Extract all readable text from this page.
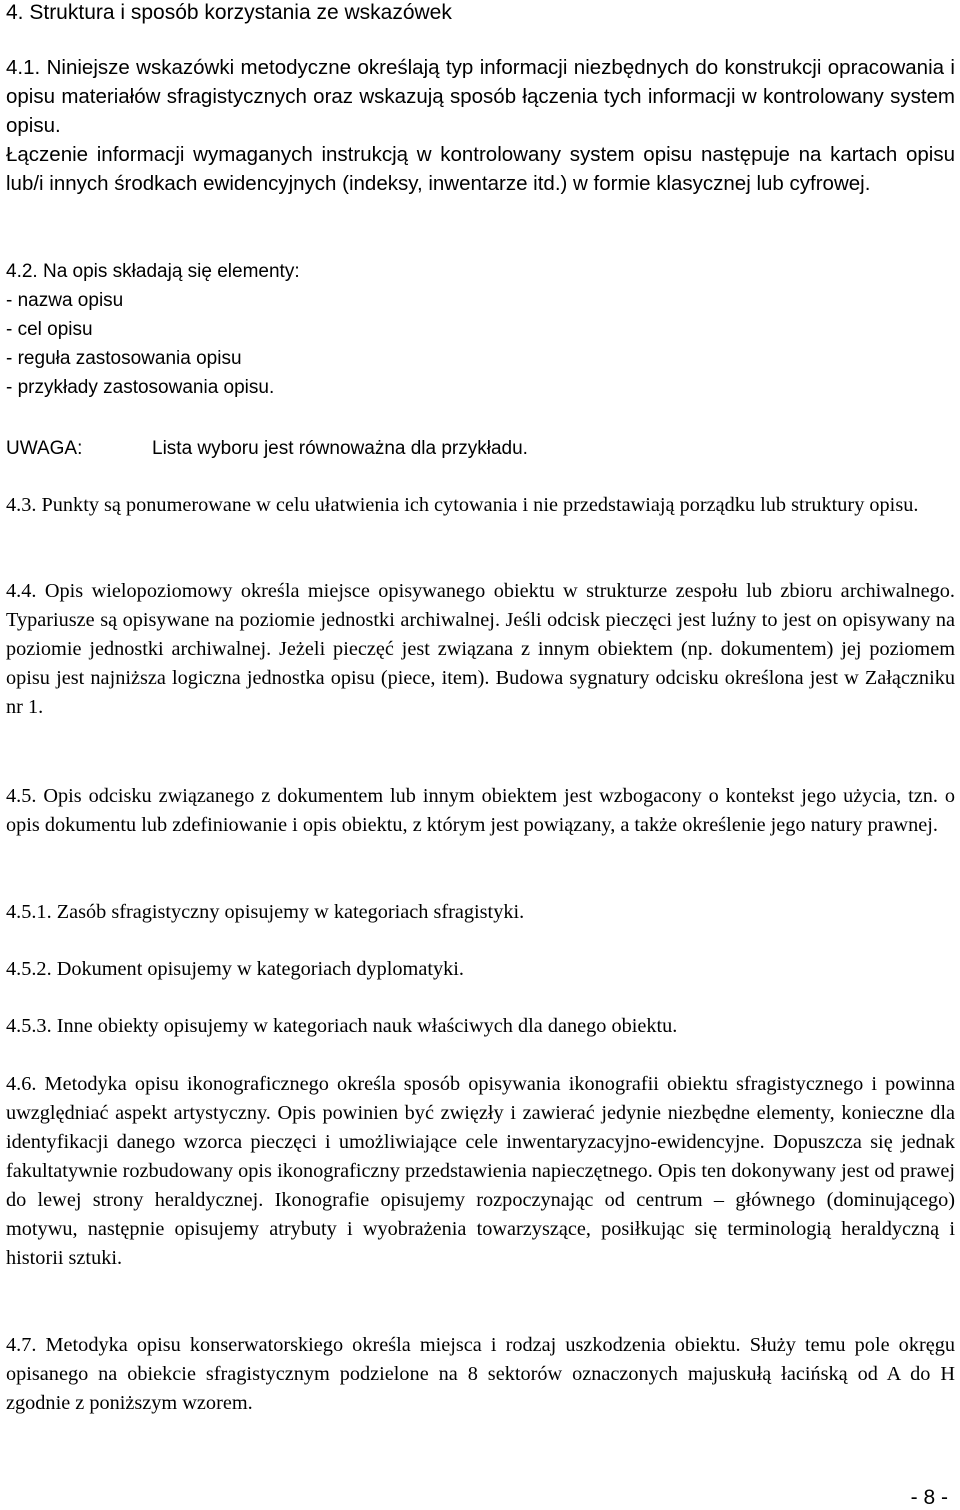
4. Struktura i sposób korzystania ze wskazówek

4.1. Niniejsze wskazówki metodyczne określają typ informacji niezbędnych do konstrukcji opracowania i opisu materiałów sfragistycznych oraz wskazują sposób łączenia tych informacji w kontrolowany system opisu.

Łączenie informacji wymaganych instrukcją w kontrolowany system opisu następuje na kartach opisu lub/i innych środkach ewidencyjnych (indeksy, inwentarze itd.) w formie klasycznej lub cyfrowej.

4.2. Na opis składają się elementy:
- nazwa opisu
- cel opisu
- reguła zastosowania opisu
- przykłady zastosowania opisu.
UWAGA:	Lista wyboru jest równoważna dla przykładu.
4.3. Punkty są ponumerowane w celu ułatwienia ich cytowania i nie przedstawiają porządku lub struktury opisu.
4.4. Opis wielopoziomowy określa miejsce opisywanego obiektu w strukturze zespołu lub zbioru archiwalnego. Typariusze są opisywane na poziomie jednostki archiwalnej. Jeśli odcisk pieczęci jest luźny to jest on opisywany na poziomie jednostki archiwalnej. Jeżeli pieczęć jest związana z innym obiektem (np. dokumentem) jej poziomem opisu jest najniższa logiczna jednostka opisu (piece, item). Budowa sygnatury odcisku określona jest w Załączniku nr 1.
4.5. Opis odcisku związanego z dokumentem lub innym obiektem jest wzbogacony o kontekst jego użycia, tzn. o opis dokumentu lub zdefiniowanie i opis obiektu, z którym jest powiązany, a także określenie jego natury prawnej.
4.5.1. Zasób sfragistyczny opisujemy w kategoriach sfragistyki.
4.5.2. Dokument opisujemy w kategoriach dyplomatyki.
4.5.3. Inne obiekty opisujemy w kategoriach nauk właściwych dla danego obiektu.
4.6. Metodyka opisu ikonograficznego określa sposób opisywania ikonografii obiektu sfragistycznego i powinna uwzględniać aspekt artystyczny. Opis powinien być zwięzły i zawierać jedynie niezbędne elementy, konieczne dla identyfikacji danego wzorca pieczęci i umożliwiające cele inwentaryzacyjno-ewidencyjne. Dopuszcza się jednak fakultatywnie rozbudowany opis ikonograficzny przedstawienia napieczętnego. Opis ten dokonywany jest od prawej do lewej strony heraldycznej. Ikonografie opisujemy rozpoczynając od centrum – głównego (dominującego) motywu, następnie opisujemy atrybuty i wyobrażenia towarzyszące, posiłkując się terminologią heraldyczną i historii sztuki.
4.7. Metodyka opisu konserwatorskiego określa miejsca i rodzaj uszkodzenia obiektu. Służy temu pole okręgu opisanego na obiekcie sfragistycznym podzielone na 8 sektorów oznaczonych majuskułą łacińską od A do H zgodnie z poniższym wzorem.
- 8 -
